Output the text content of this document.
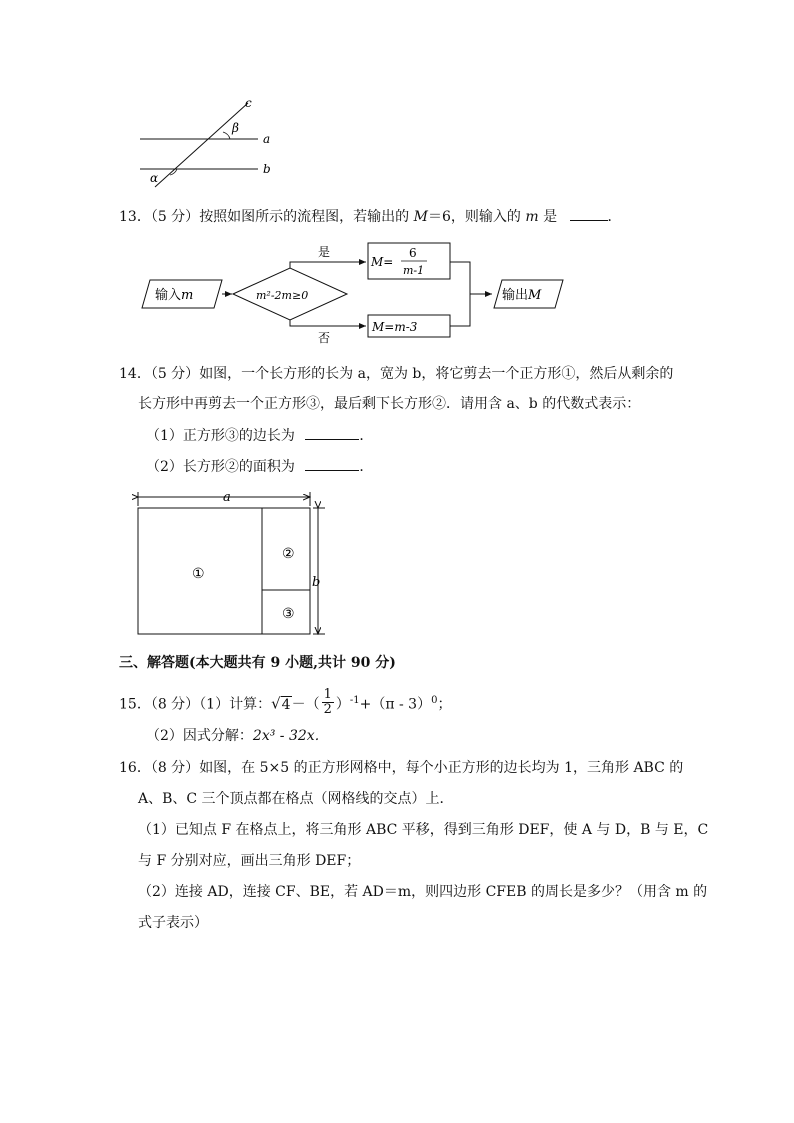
c
β
a
b
α
13．（5 分）按照如图所示的流程图，若输出的 M＝6，则输入的 m 是	．
输入m	m²-2m≥0
是
M=
6
m-1
否
M=m-3
输出M
14．（5 分）如图，一个长方形的长为 a，宽为 b，将它剪去一个正方形①，然后从剩余的
长方形中再剪去一个正方形③，最后剩下长方形②．请用含 a、b 的代数式表示：
（1）正方形③的边长为	．
（2）长方形②的面积为	．
a
①
②
③
b
三、解答题(本大题共有 9 小题,共计 90 分)
15．（8 分）（1）计算：$√4-( \frac{1}{2} )^{-1}+(\pi - 3)^0$；
（2）因式分解：2x³ - 32x．
16．（8 分）如图，在 5×5 的正方形网格中，每个小正方形的边长均为 1，三角形 ABC 的
A、B、C 三个顶点都在格点（网格线的交点）上．
（1）已知点 F 在格点上，将三角形 ABC 平移，得到三角形 DEF，使 A 与 D，B 与 E，C
与 F 分别对应，画出三角形 DEF；
（2）连接 AD，连接 CF、BE，若 AD＝m，则四边形 CFEB 的周长是多少？（用含 m 的
式子表示）
